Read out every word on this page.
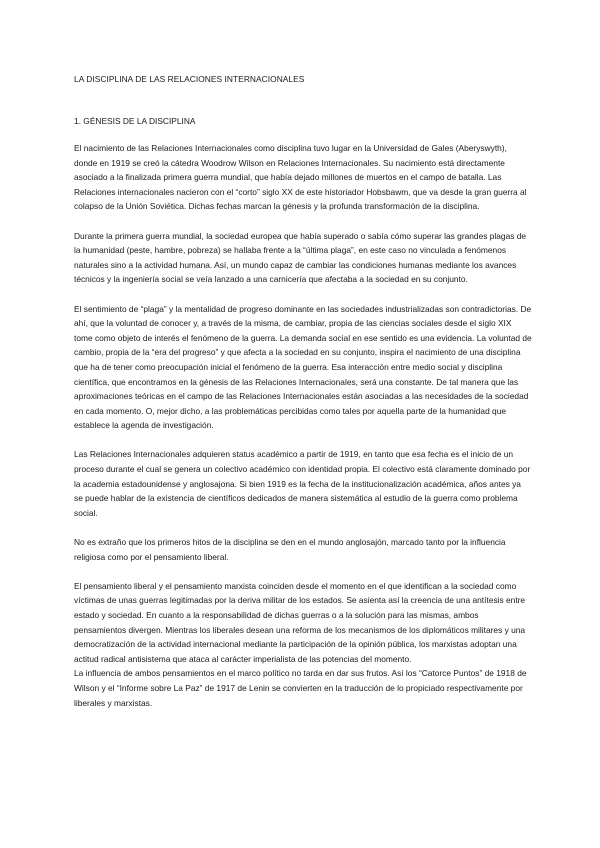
LA DISCIPLINA DE LAS RELACIONES INTERNACIONALES
1. GÉNESIS DE LA DISCIPLINA

El nacimiento de las Relaciones Internacionales como disciplina tuvo lugar en la Universidad de Gales (Aberyswyth), donde en 1919 se creó la cátedra Woodrow Wilson en Relaciones Internacionales. Su nacimiento está directamente asociado a la finalizada primera guerra mundial, que había dejado millones de muertos en el campo de batalla. Las Relaciones internacionales nacieron con el “corto” siglo XX de este historiador Hobsbawm, que va desde la gran guerra al colapso de la Unión Soviética. Dichas fechas marcan la génesis y la profunda transformación de la disciplina.

Durante la primera guerra mundial, la sociedad europea que había superado o sabía cómo superar las grandes plagas de la humanidad (peste, hambre, pobreza) se hallaba frente a la “última plaga”, en este caso no vinculada a fenómenos naturales sino a la actividad humana. Así, un mundo capaz de cambiar las condiciones humanas mediante los avances técnicos y la ingeniería social se veía lanzado a una carnicería que afectaba a la sociedad en su conjunto.

El sentimiento de “plaga” y la mentalidad de progreso dominante en las sociedades industrializadas son contradictorias. De ahí, que la voluntad de conocer y, a través de la misma, de cambiar, propia de las ciencias sociales desde el siglo XIX tome como objeto de interés el fenómeno de la guerra. La demanda social en ese sentido es una evidencia. La voluntad de cambio, propia de la “era del progreso” y que afecta a la sociedad en su conjunto, inspira el nacimiento de una disciplina que ha de tener como preocupación inicial el fenómeno de la guerra. Esa interacción entre medio social y disciplina científica, que encontramos en la génesis de las Relaciones Internacionales, será una constante. De tal manera que las aproximaciones teóricas en el campo de las Relaciones Internacionales están asociadas a las necesidades de la sociedad en cada momento. O, mejor dicho, a las problemáticas percibidas como tales por aquella parte de la humanidad que establece la agenda de investigación.

Las Relaciones Internacionales adquieren status académico a partir de 1919, en tanto que esa fecha es el inicio de un proceso durante el cual se genera un colectivo académico con identidad propia. El colectivo está claramente dominado por la academia estadounidense y anglosajona. Si bien 1919 es la fecha de la institucionalización académica, años antes ya se puede hablar de la existencia de científicos dedicados de manera sistemática al estudio de la guerra como problema social.

No es extraño que los primeros hitos de la disciplina se den en el mundo anglosajón, marcado tanto por la influencia religiosa como por el pensamiento liberal.

El pensamiento liberal y el pensamiento marxista coinciden desde el momento en el que identifican a la sociedad como víctimas de unas guerras legitimadas por la deriva militar de los estados. Se asienta así la creencia de una antítesis entre estado y sociedad. En cuanto a la responsabilidad de dichas guerras o a la solución para las mismas, ambos pensamientos divergen. Mientras los liberales desean una reforma de los mecanismos de los diplomáticos militares y una democratización de la actividad internacional mediante la participación de la opinión pública, los marxistas adoptan una actitud radical antisistema que ataca al carácter imperialista de las potencias del momento.

La influencia de ambos pensamientos en el marco político no tarda en dar sus frutos. Así los “Catorce Puntos” de 1918 de Wilson y el “Informe sobre La Paz” de 1917 de Lenin se convierten en la traducción de lo propiciado respectivamente por liberales y marxistas.
